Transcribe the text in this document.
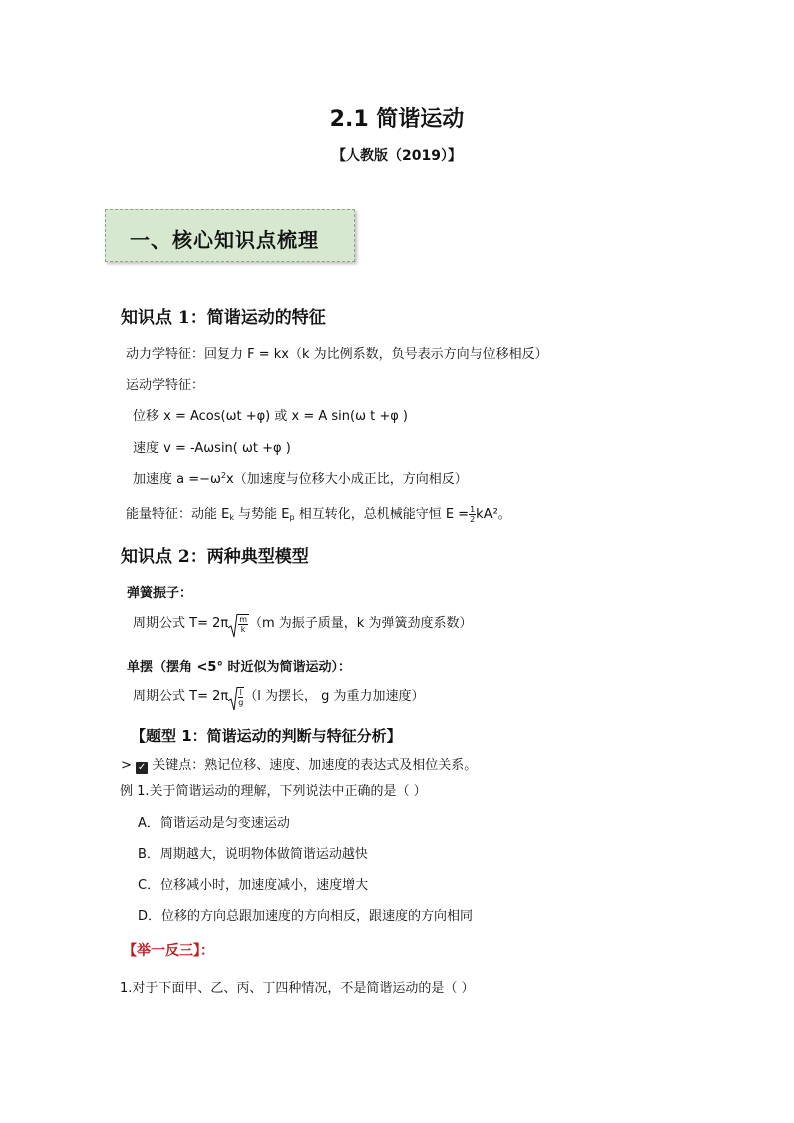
2.1 简谐运动
【人教版（2019）】
一、核心知识点梳理
知识点 1：简谐运动的特征
动力学特征：回复力 F = kx（k 为比例系数，负号表示方向与位移相反）
运动学特征：
位移 x = Acos(ωt +φ) 或 x = A sin(ω t +φ )
速度 v = -Aωsin( ωt +φ )
加速度 $a =-\omega^2x$（加速度与位移大小成正比，方向相反）
能量特征：动能 $E_k$ 与势能 $E_p$ 相互转化，总机械能守恒 $E = \frac{1}{2} kA^2$。
知识点 2：两种典型模型
弹簧振子：
周期公式 $T= 2\pi \frac{m}{k} (m$ 为振子质量，k 为弹簧劲度系数）
单摆（摆角 <5° 时近似为简谐运动）：
周期公式 $T= 2\pi \frac{l}{g} (l$ 为摆长， g 为重力加速度）
【题型 1：简谐运动的判断与特征分析】
> ✓ 关键点：熟记位移、速度、加速度的表达式及相位关系。
例 1.关于简谐运动的理解，下列说法中正确的是（ ）
A．简谐运动是匀变速运动
B．周期越大，说明物体做简谐运动越快
C．位移减小时，加速度减小，速度增大
D．位移的方向总跟加速度的方向相反，跟速度的方向相同
【举一反三】：
1.对于下面甲、乙、丙、丁四种情况，不是简谐运动的是（ ）
